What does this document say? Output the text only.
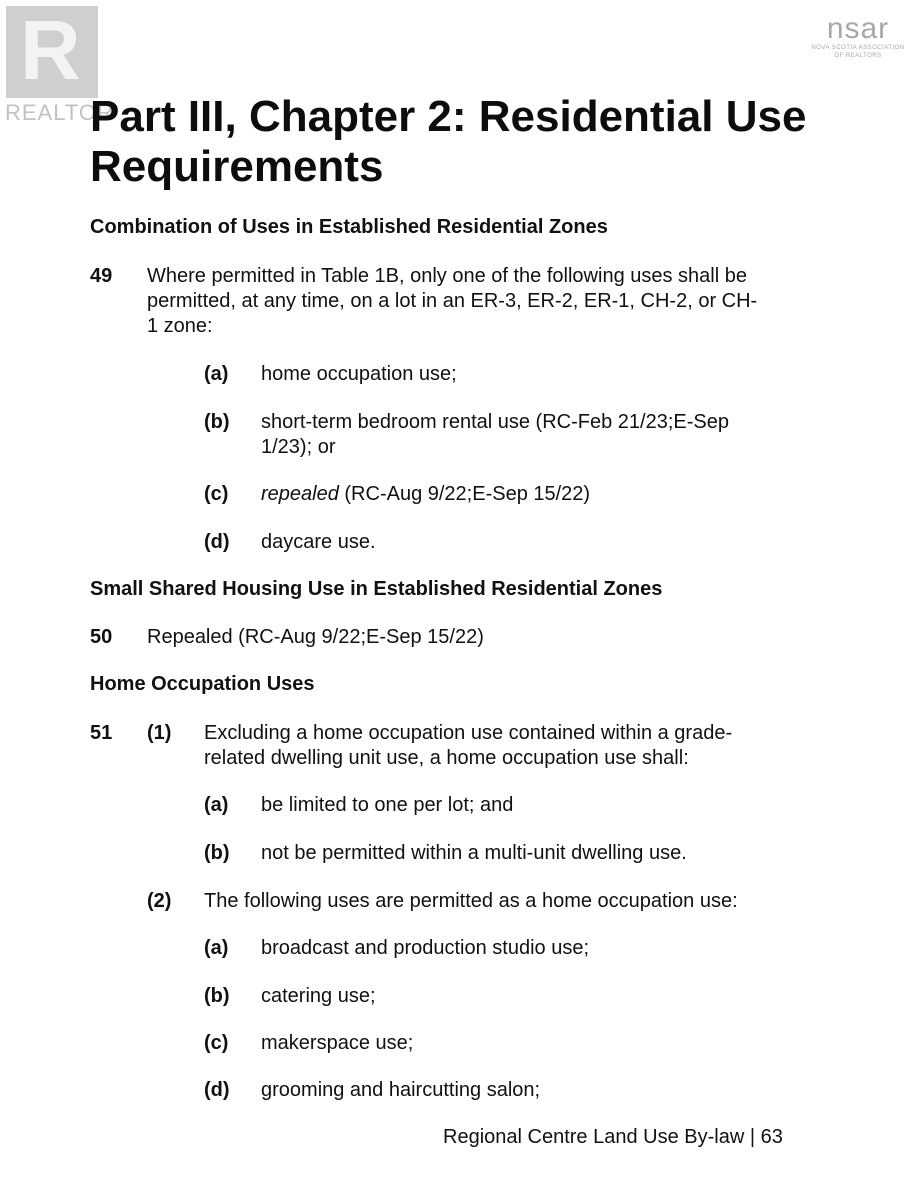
R
REALTOR
nsar
NOVA SCOTIA ASSOCIATION
OF REALTORS
Part III, Chapter 2: Residential Use
Requirements
Combination of Uses in Established Residential Zones
49 Where permitted in Table 1B, only one of the following uses shall be
permitted, at any time, on a lot in an ER-3, ER-2, ER-1, CH-2, or CH-
1 zone:
(a) home occupation use;
(b) short-term bedroom rental use (RC-Feb 21/23;E-Sep
1/23); or
(c) repealed (RC-Aug 9/22;E-Sep 15/22)
(d) daycare use.
Small Shared Housing Use in Established Residential Zones
50 Repealed (RC-Aug 9/22;E-Sep 15/22)
Home Occupation Uses
51 (1) Excluding a home occupation use contained within a grade-
related dwelling unit use, a home occupation use shall:
(a) be limited to one per lot; and
(b) not be permitted within a multi-unit dwelling use.
(2) The following uses are permitted as a home occupation use:
(a) broadcast and production studio use;
(b) catering use;
(c) makerspace use;
(d) grooming and haircutting salon;
Regional Centre Land Use By-law | 63
